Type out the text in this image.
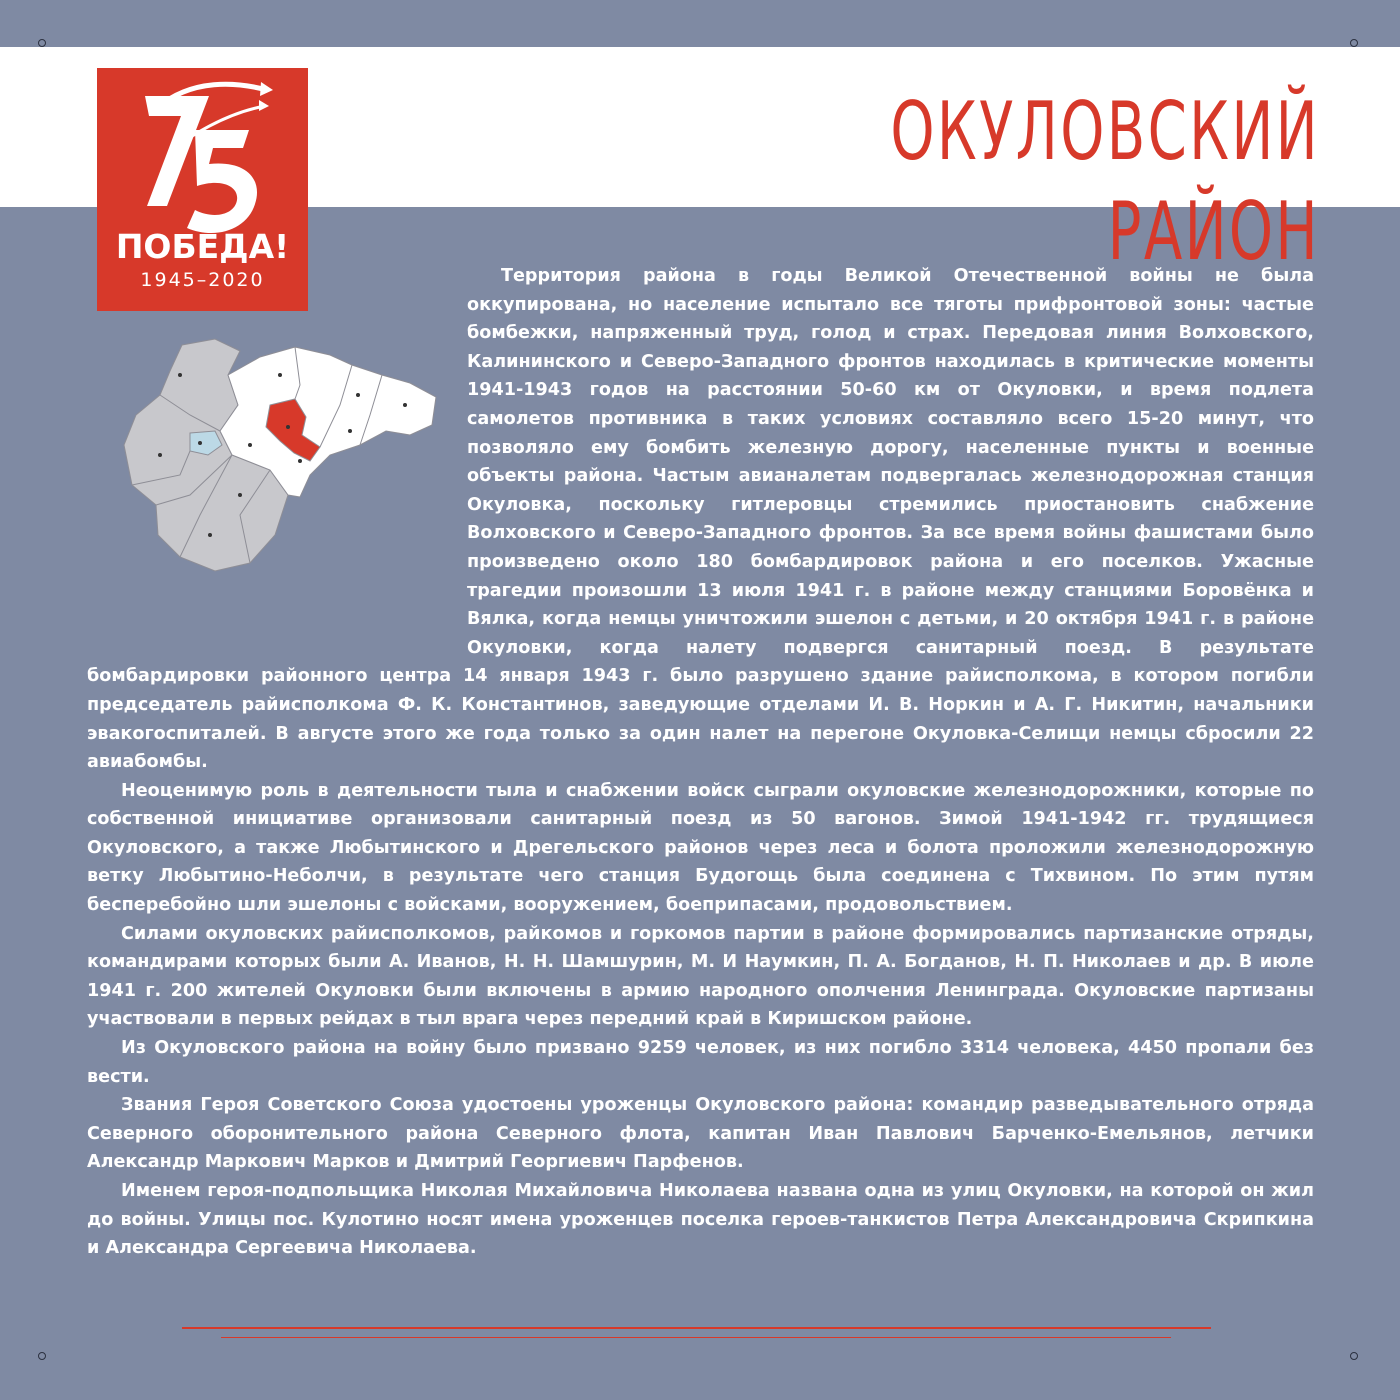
ОКУЛОВСКИЙ РАЙОН
ПОБЕДА!
1945–2020	Территория района в годы Великой Отечественной войны не была оккупирована, но население испытало все тяготы прифронтовой зоны: частые бомбежки, напряженный труд, голод и страх. Передовая линия Волховского, Калининского и Северо-Западного фронтов находилась в критические моменты 1941-1943 годов на расстоянии 50-60 км от Окуловки, и время подлета самолетов противника в таких условиях составляло всего 15-20 минут, что позволяло ему бомбить железную дорогу, населенные пункты и военные объекты района. Частым авианалетам подвергалась железнодорожная станция Окуловка, поскольку гитлеровцы стремились приостановить снабжение Волховского и Северо-Западного фронтов. За все время войны фашистами было произведено около 180 бомбардировок района и его поселков. Ужасные трагедии произошли 13 июля 1941 г. в районе между станциями Боровёнка и Вялка, когда немцы уничтожили эшелон с детьми, и 20 октября 1941 г. в районе Окуловки, когда налету подвергся санитарный поезд. В результате бомбардировки районного центра 14 января 1943 г. было разрушено здание райисполкома, в котором погибли председатель райисполкома Ф. К. Константинов, заведующие отделами И. В. Норкин и А. Г. Никитин, начальники эвакогоспиталей. В августе этого же года только за один налет на перегоне Окуловка-Селищи немцы сбросили 22 авиабомбы.

Неоценимую роль в деятельности тыла и снабжении войск сыграли окуловские железнодорожники, которые по собственной инициативе организовали санитарный поезд из 50 вагонов. Зимой 1941-1942 гг. трудящиеся Окуловского, а также Любытинского и Дрегельского районов через леса и болота проложили железнодорожную ветку Любытино-Неболчи, в результате чего станция Будогощь была соединена с Тихвином. По этим путям бесперебойно шли эшелоны с войсками, вооружением, боеприпасами, продовольствием.

Силами окуловских райисполкомов, райкомов и горкомов партии в районе формировались партизанские отряды, командирами которых были А. Иванов, Н. Н. Шамшурин, М. И Наумкин, П. А. Богданов, Н. П. Николаев и др. В июле 1941 г. 200 жителей Окуловки были включены в армию народного ополчения Ленинграда. Окуловские партизаны участвовали в первых рейдах в тыл врага через передний край в Киришском районе.

Из Окуловского района на войну было призвано 9259 человек, из них погибло 3314 человека, 4450 пропали без вести.

Звания Героя Советского Союза удостоены уроженцы Окуловского района: командир разведывательного отряда Северного оборонительного района Северного флота, капитан Иван Павлович Барченко-Емельянов, летчики Александр Маркович Марков и Дмитрий Георгиевич Парфенов.

Именем героя-подпольщика Николая Михайловича Николаева названа одна из улиц Окуловки, на которой он жил до войны. Улицы пос. Кулотино носят имена уроженцев поселка героев-танкистов Петра Александровича Скрипкина и Александра Сергеевича Николаева.
